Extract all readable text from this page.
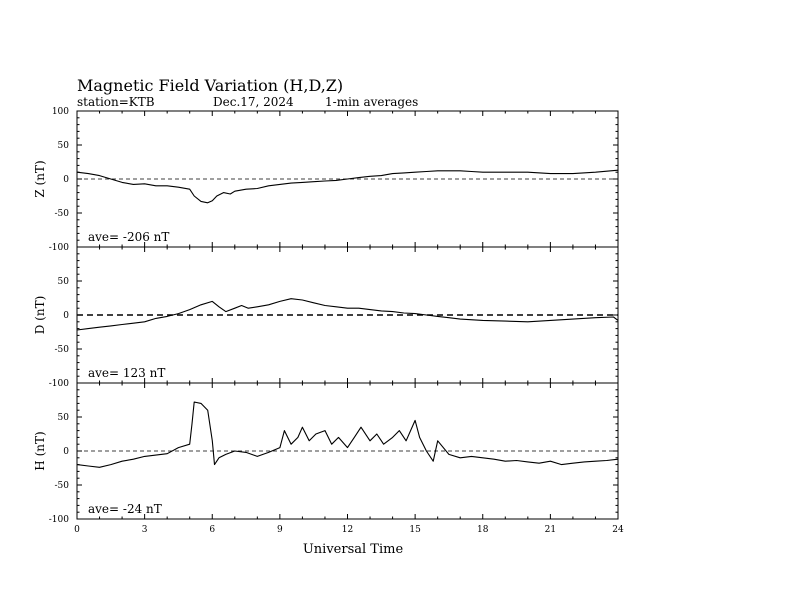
Magnetic Field Variation (H,D,Z)
station=KTB	Dec.17, 2024	1-min averages
Universal Time
100
50
0
-50
-100
Z (nT)
ave= -206 nT
50
0
-50
-100
D (nT)
ave= 123 nT
50
0
-50
-100
H (nT)
ave= -24 nT
0	3	6	9	12	15	18	21	24
